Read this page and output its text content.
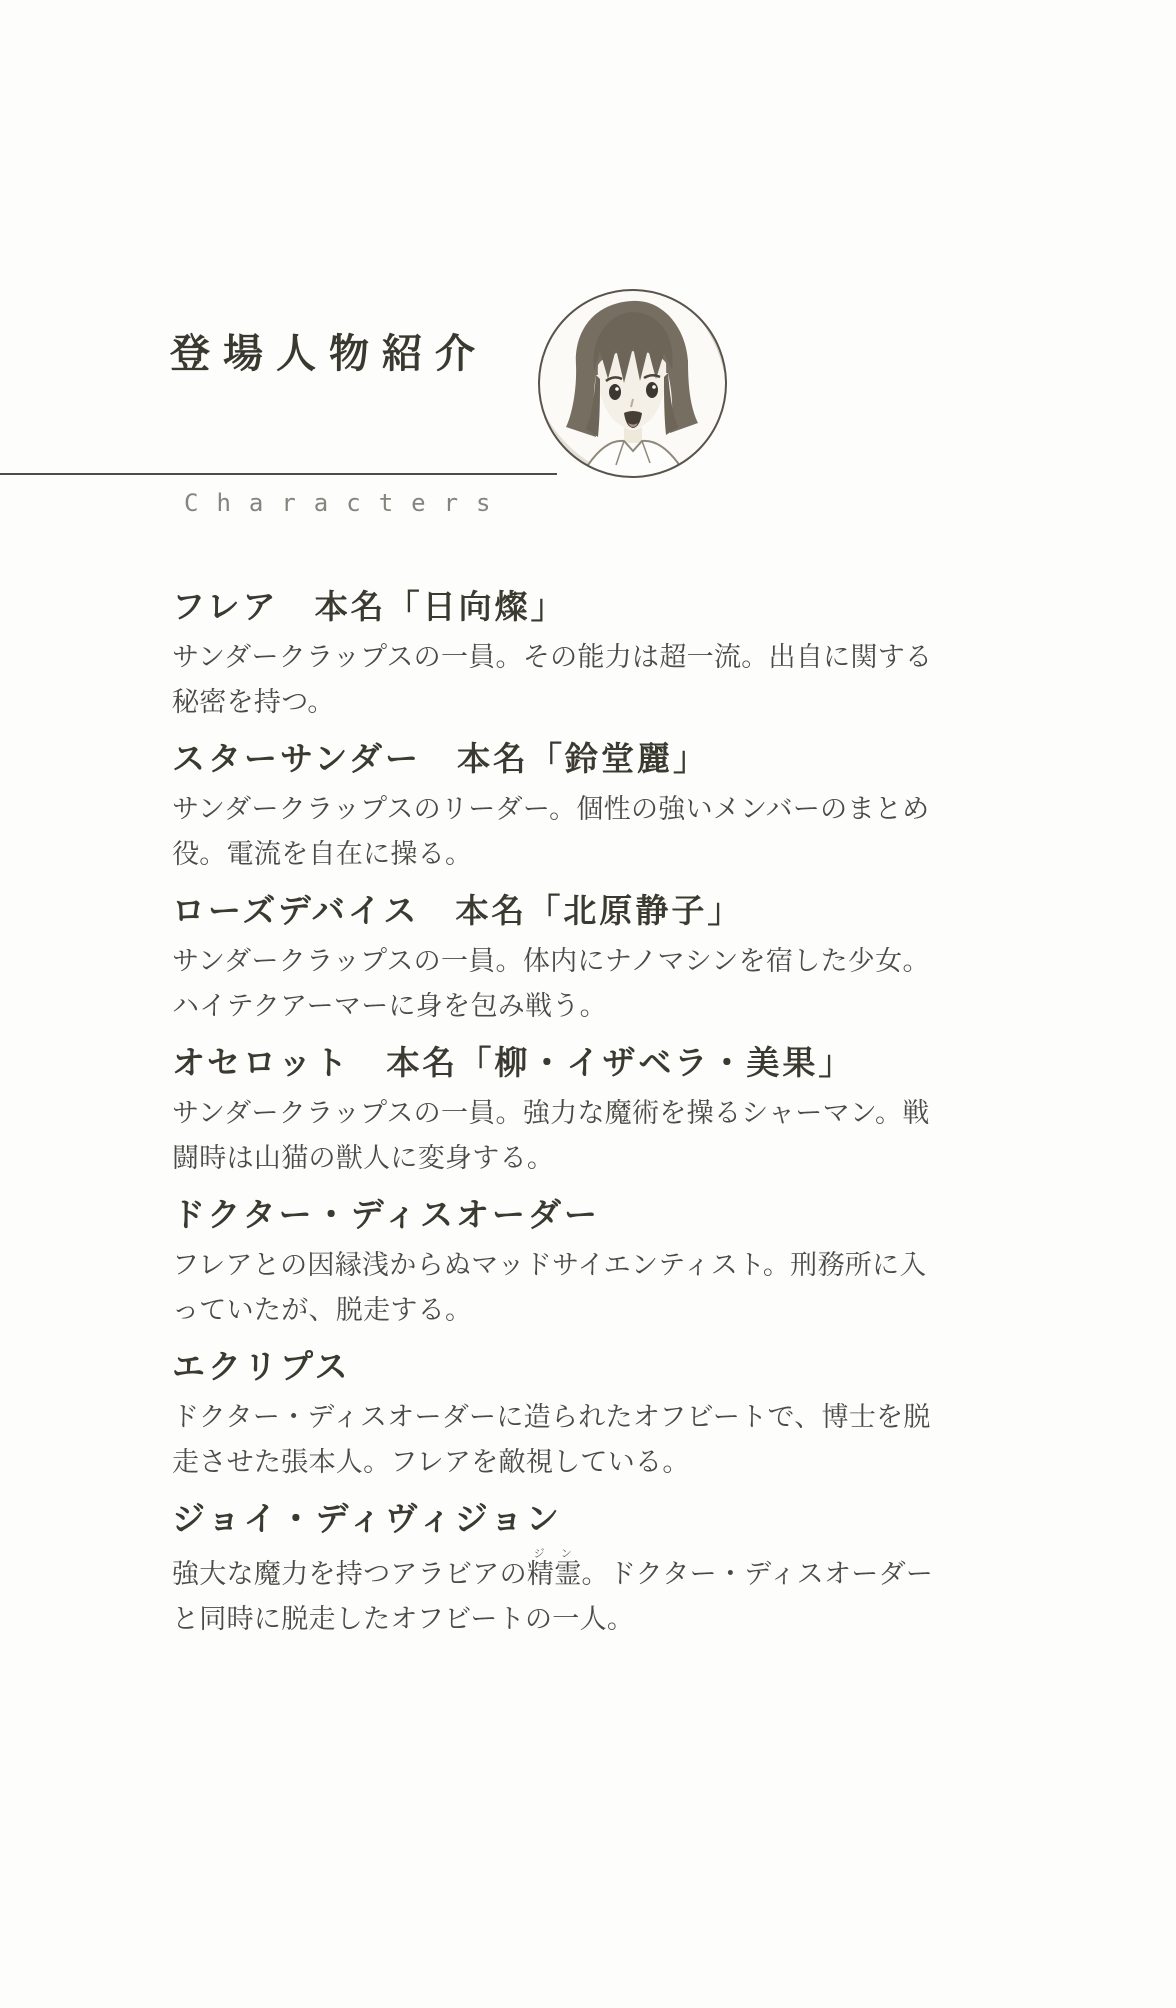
登場人物紹介
Characters
フレア　本名「日向燦」

サンダークラップスの一員。その能力は超一流。出自に関する

秘密を持つ。

スターサンダー　本名「鈴堂麗」

サンダークラップスのリーダー。個性の強いメンバーのまとめ

役。電流を自在に操る。

ローズデバイス　本名「北原静子」

サンダークラップスの一員。体内にナノマシンを宿した少女。

ハイテクアーマーに身を包み戦う。

オセロット　本名「柳・イザベラ・美果」

サンダークラップスの一員。強力な魔術を操るシャーマン。戦

闘時は山猫の獣人に変身する。

ドクター・ディスオーダー

フレアとの因縁浅からぬマッドサイエンティスト。刑務所に入

っていたが、脱走する。

エクリプス

ドクター・ディスオーダーに造られたオフビートで、博士を脱

走させた張本人。フレアを敵視している。

ジョイ・ディヴィジョン

強大な魔力を持つアラビアの精霊ジン。ドクター・ディスオーダー

と同時に脱走したオフビートの一人。
